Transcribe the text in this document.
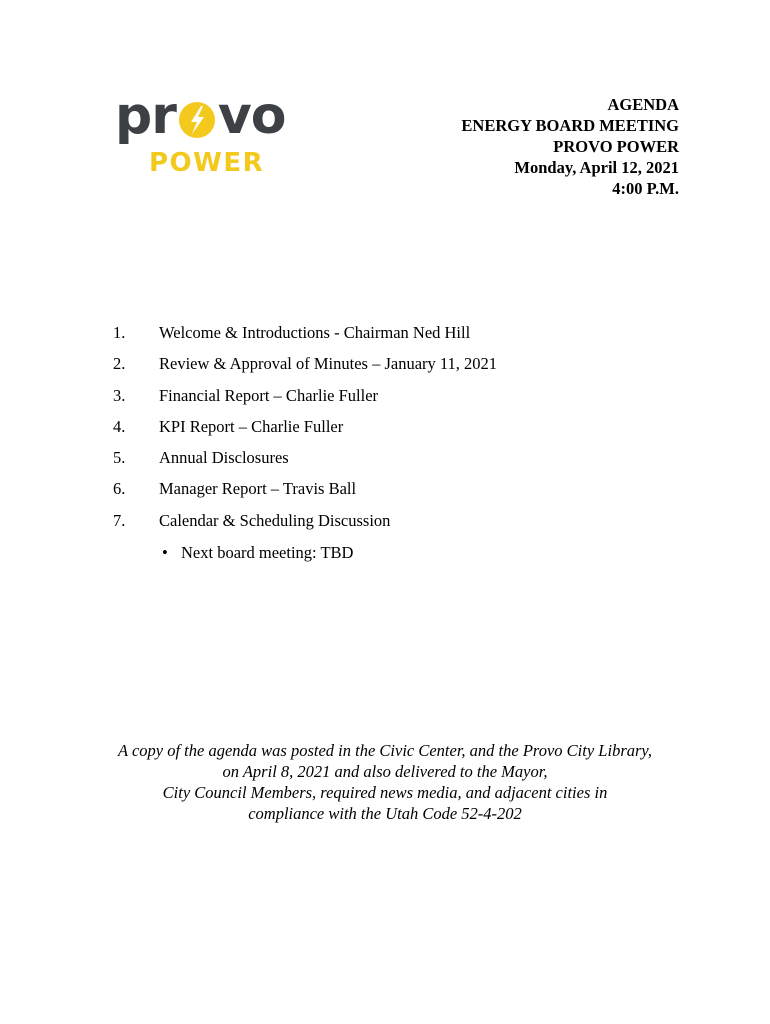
pr vo
POWER
AGENDA
ENERGY BOARD MEETING
PROVO POWER
Monday, April 12, 2021
4:00 P.M.
1. Welcome & Introductions - Chairman Ned Hill
2. Review & Approval of Minutes – January 11, 2021
3. Financial Report – Charlie Fuller
4. KPI Report – Charlie Fuller
5. Annual Disclosures
6. Manager Report – Travis Ball
7. Calendar & Scheduling Discussion
• Next board meeting: TBD
A copy of the agenda was posted in the Civic Center, and the Provo City Library,
on April 8, 2021 and also delivered to the Mayor,
City Council Members, required news media, and adjacent cities in
compliance with the Utah Code 52-4-202
